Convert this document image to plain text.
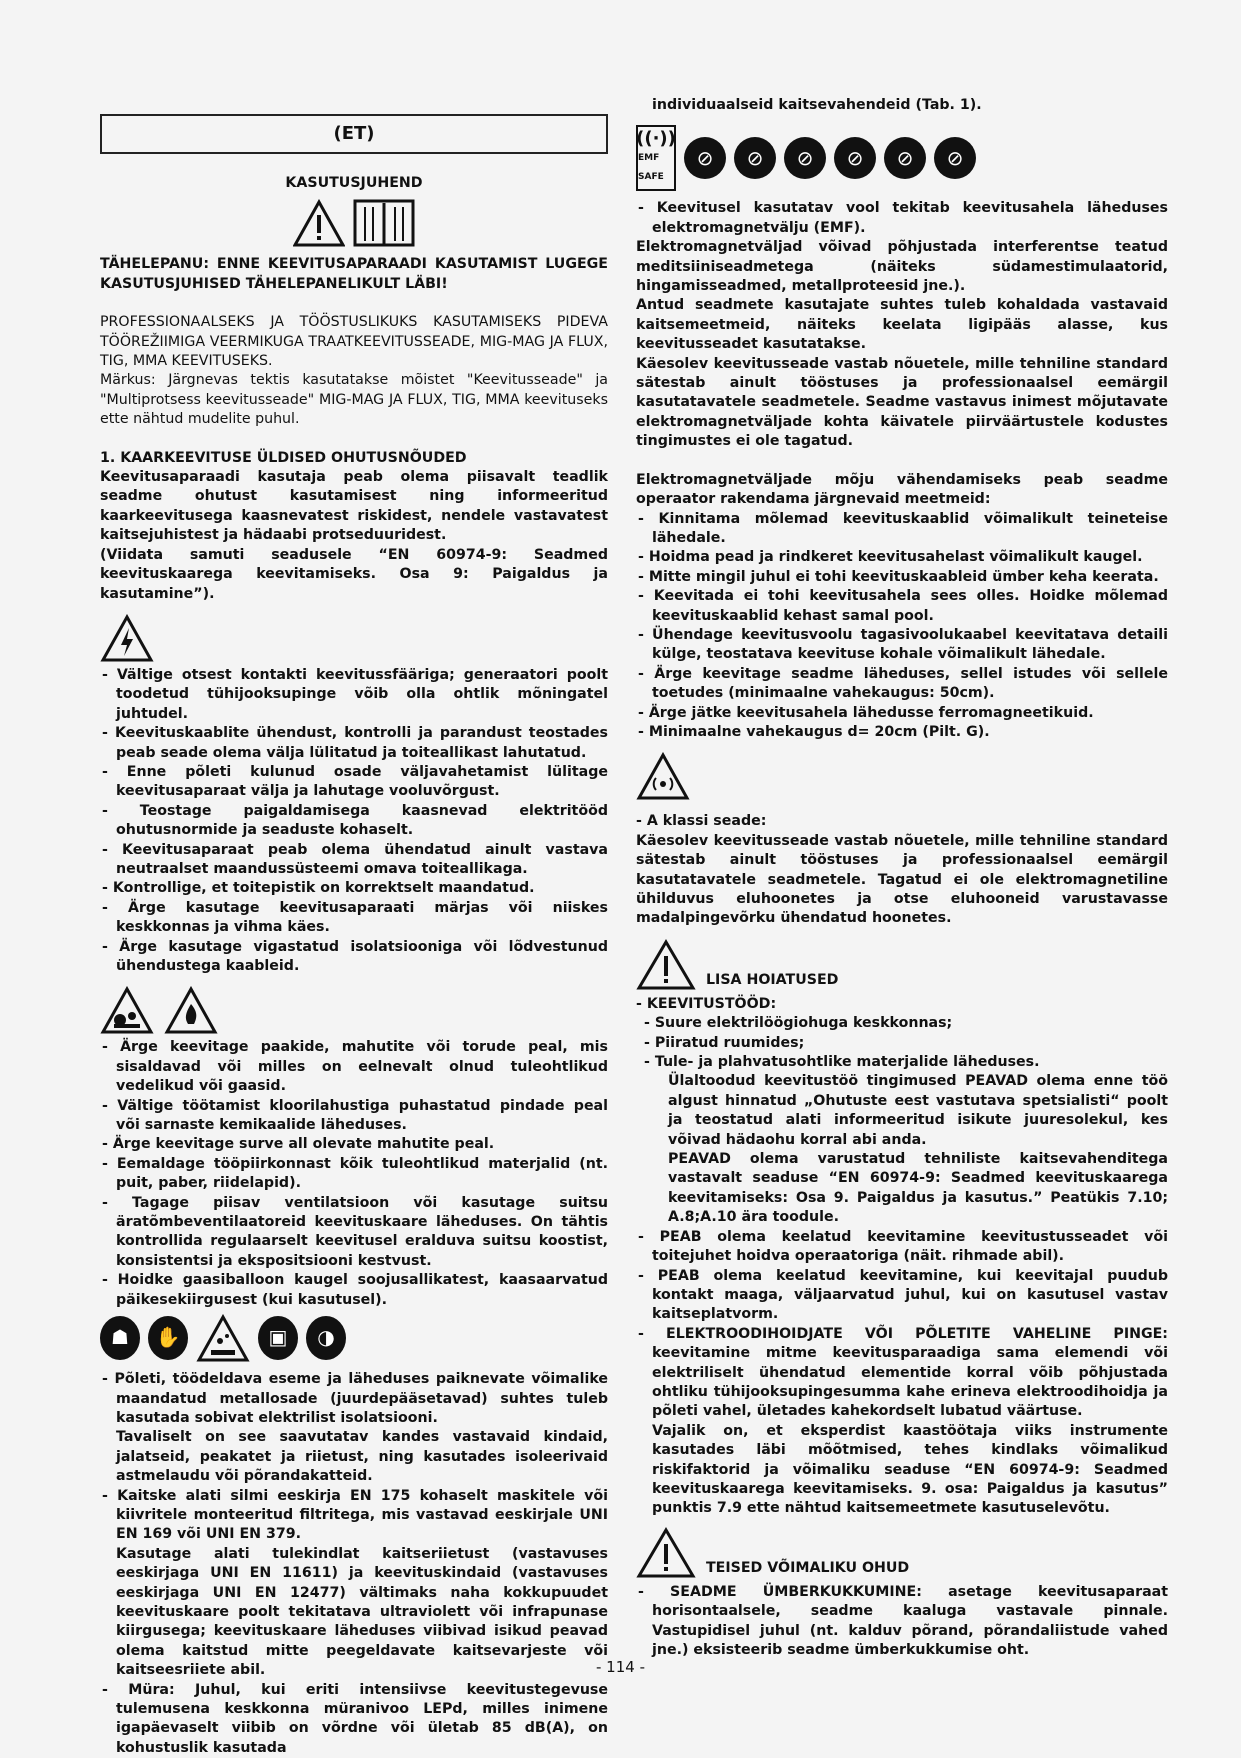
(ET)
KASUTUSJUHEND

TÄHELEPANU: ENNE KEEVITUSAPARAADI KASUTAMIST LUGEGE KASUTUSJUHISED TÄHELEPANELIKULT LÄBI!

PROFESSIONAALSEKS JA TÖÖSTUSLIKUKS KASUTAMISEKS PIDEVA TÖÖREŽIIMIGA VEERMIKUGA TRAATKEEVITUSSEADE, MIG-MAG JA FLUX, TIG, MMA KEEVITUSEKS.

Märkus: Järgnevas tektis kasutatakse mõistet "Keevitusseade" ja "Multiprotsess keevitusseade" MIG-MAG JA FLUX, TIG, MMA keevituseks ette nähtud mudelite puhul.

1. KAARKEEVITUSE ÜLDISED OHUTUSNÕUDED

Keevitusaparaadi kasutaja peab olema piisavalt teadlik seadme ohutust kasutamisest ning informeeritud kaarkeevitusega kaasnevatest riskidest, nendele vastavatest kaitsejuhistest ja hädaabi protseduuridest.

(Viidata samuti seadusele “EN 60974-9: Seadmed keevituskaarega keevitamiseks. Osa 9: Paigaldus ja kasutamine”).

- Vältige otsest kontakti keevitussfääriga; generaatori poolt toodetud tühijooksupinge võib olla ohtlik mõningatel juhtudel.

- Keevituskaablite ühendust, kontrolli ja parandust teostades peab seade olema välja lülitatud ja toiteallikast lahutatud.

- Enne põleti kulunud osade väljavahetamist lülitage keevitusaparaat välja ja lahutage vooluvõrgust.

- Teostage paigaldamisega kaasnevad elektritööd ohutusnormide ja seaduste kohaselt.

- Keevitusaparaat peab olema ühendatud ainult vastava neutraalset maandussüsteemi omava toiteallikaga.

- Kontrollige, et toitepistik on korrektselt maandatud.

- Ärge kasutage keevitusaparaati märjas või niiskes keskkonnas ja vihma käes.

- Ärge kasutage vigastatud isolatsiooniga või lõdvestunud ühendustega kaableid.

- Ärge keevitage paakide, mahutite või torude peal, mis sisaldavad või milles on eelnevalt olnud tuleohtlikud vedelikud või gaasid.

- Vältige töötamist kloorilahustiga puhastatud pindade peal või sarnaste kemikaalide läheduses.

- Ärge keevitage surve all olevate mahutite peal.

- Eemaldage tööpiirkonnast kõik tuleohtlikud materjalid (nt. puit, paber, riidelapid).

- Tagage piisav ventilatsioon või kasutage suitsu äratõmbeventilaatoreid keevituskaare läheduses. On tähtis kontrollida regulaarselt keevitusel eralduva suitsu koostist, konsistentsi ja ekspositsiooni kestvust.

- Hoidke gaasiballoon kaugel soojusallikatest, kaasaarvatud päikesekiirgusest (kui kasutusel).

☗	✋	▣	◑

- Põleti, töödeldava eseme ja läheduses paiknevate võimalike maandatud metallosade (juurdepääsetavad) suhtes tuleb kasutada sobivat elektrilist isolatsiooni.

Tavaliselt on see saavutatav kandes vastavaid kindaid, jalatseid, peakatet ja riietust, ning kasutades isoleerivaid astmelaudu või põrandakatteid.

- Kaitske alati silmi eeskirja EN 175 kohaselt maskitele või kiivritele monteeritud filtritega, mis vastavad eeskirjale UNI EN 169 või UNI EN 379.

Kasutage alati tulekindlat kaitseriietust (vastavuses eeskirjaga UNI EN 11611) ja keevituskindaid (vastavuses eeskirjaga UNI EN 12477) vältimaks naha kokkupuudet keevituskaare poolt tekitatava ultraviolett või infrapunase kiirgusega; keevituskaare läheduses viibivad isikud peavad olema kaitstud mitte peegeldavate kaitsevarjeste või kaitseesriiete abil.

- Müra: Juhul, kui eriti intensiivse keevitustegevuse tulemusena keskkonna müranivoo LEPd, milles inimene igapäevaselt viibib on võrdne või ületab 85 dB(A), on kohustuslik kasutada

individuaalseid kaitsevahendeid (Tab. 1).

((·))
EMF SAFE
⊘	⊘	⊘	⊘	⊘	⊘

- Keevitusel kasutatav vool tekitab keevitusahela läheduses elektromagnetvälju (EMF).

Elektromagnetväljad võivad põhjustada interferentse teatud meditsiiniseadmetega (näiteks südamestimulaatorid, hingamisseadmed, metallproteesid jne.).

Antud seadmete kasutajate suhtes tuleb kohaldada vastavaid kaitsemeetmeid, näiteks keelata ligipääs alasse, kus keevitusseadet kasutatakse.

Käesolev keevitusseade vastab nõuetele, mille tehniline standard sätestab ainult tööstuses ja professionaalsel eemärgil kasutatavatele seadmetele. Seadme vastavus inimest mõjutavate elektromagnetväljade kohta käivatele piirväärtustele kodustes tingimustes ei ole tagatud.

Elektromagnetväljade mõju vähendamiseks peab seadme operaator rakendama järgnevaid meetmeid:

- Kinnitama mõlemad keevituskaablid võimalikult teineteise lähedale.

- Hoidma pead ja rindkeret keevitusahelast võimalikult kaugel.

- Mitte mingil juhul ei tohi keevituskaableid ümber keha keerata.

- Keevitada ei tohi keevitusahela sees olles. Hoidke mõlemad keevituskaablid kehast samal pool.

- Ühendage keevitusvoolu tagasivoolukaabel keevitatava detaili külge, teostatava keevituse kohale võimalikult lähedale.

- Ärge keevitage seadme läheduses, sellel istudes või sellele toetudes (minimaalne vahekaugus: 50cm).

- Ärge jätke keevitusahela lähedusse ferromagneetikuid.

- Minimaalne vahekaugus d= 20cm (Pilt. G).

- A klassi seade:

Käesolev keevitusseade vastab nõuetele, mille tehniline standard sätestab ainult tööstuses ja professionaalsel eemärgil kasutatavatele seadmetele. Tagatud ei ole elektromagnetiline ühilduvus eluhoonetes ja otse eluhooneid varustavasse madalpingevõrku ühendatud hoonetes.

LISA HOIATUSED

- KEEVITUSTÖÖD:

- Suure elektrilöögiohuga keskkonnas;

- Piiratud ruumides;

- Tule- ja plahvatusohtlike materjalide läheduses.

Ülaltoodud keevitustöö tingimused PEAVAD olema enne töö algust hinnatud „Ohutuste eest vastutava spetsialisti“ poolt ja teostatud alati informeeritud isikute juuresolekul, kes võivad hädaohu korral abi anda.

PEAVAD olema varustatud tehniliste kaitsevahenditega vastavalt seaduse “EN 60974-9: Seadmed keevituskaarega keevitamiseks: Osa 9. Paigaldus ja kasutus.” Peatükis 7.10; A.8;A.10 ära toodule.

- PEAB olema keelatud keevitamine keevitustusseadet või toitejuhet hoidva operaatoriga (näit. rihmade abil).

- PEAB olema keelatud keevitamine, kui keevitajal puudub kontakt maaga, väljaarvatud juhul, kui on kasutusel vastav kaitseplatvorm.

- ELEKTROODIHOIDJATE VÕI PÕLETITE VAHELINE PINGE: keevitamine mitme keevitusparaadiga sama elemendi või elektriliselt ühendatud elementide korral võib põhjustada ohtliku tühijooksupingesumma kahe erineva elektroodihoidja ja põleti vahel, ületades kahekordselt lubatud väärtuse.

Vajalik on, et eksperdist kaastöötaja viiks instrumente kasutades läbi mõõtmised, tehes kindlaks võimalikud riskifaktorid ja võimaliku seaduse “EN 60974-9: Seadmed keevituskaarega keevitamiseks. 9. osa: Paigaldus ja kasutus” punktis 7.9 ette nähtud kaitsemeetmete kasutuselevõtu.

TEISED VÕIMALIKU OHUD

- SEADME ÜMBERKUKKUMINE: asetage keevitusaparaat horisontaalsele, seadme kaaluga vastavale pinnale. Vastupidisel juhul (nt. kalduv põrand, põrandaliistude vahed jne.) eksisteerib seadme ümberkukkumise oht.

- 114 -
